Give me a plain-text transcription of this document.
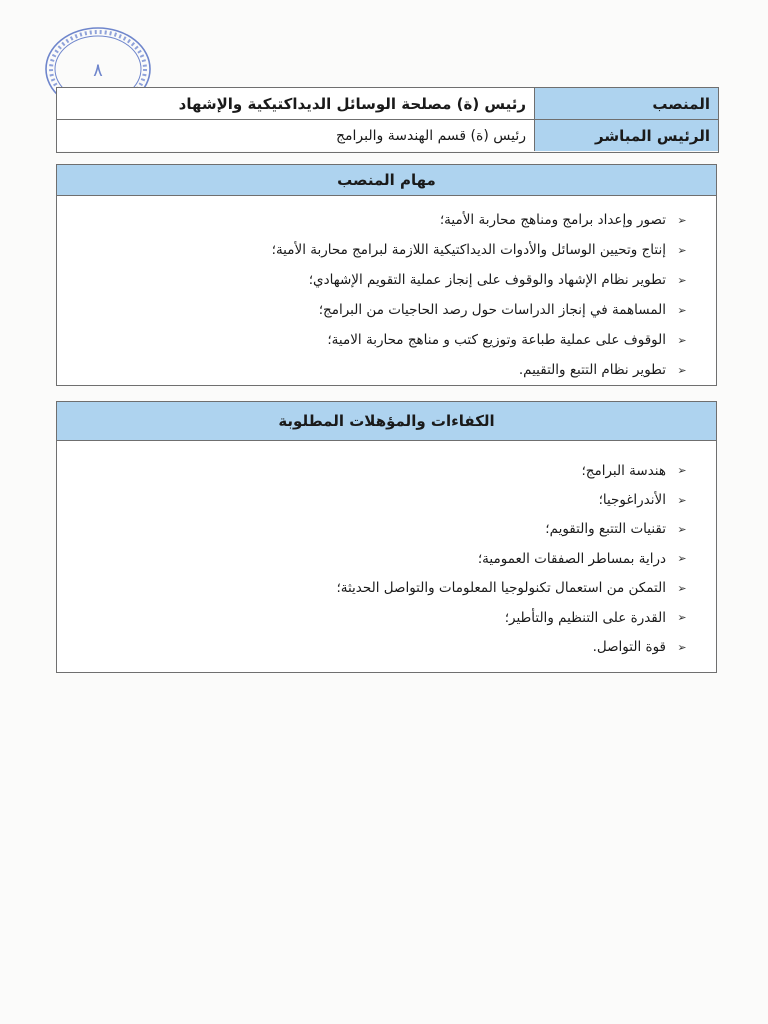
٨
رئيس (ة) مصلحة الوسائل الديداكتيكية والإشهاد	المنصب
رئيس (ة) قسم الهندسة والبرامج	الرئيس المباشر
مهام المنصب
➢
تصور وإعداد برامج ومناهج محاربة الأمية؛
➢
إنتاج وتحيين الوسائل والأدوات الديداكتيكية اللازمة لبرامج محاربة الأمية؛
➢
تطوير نظام الإشهاد والوقوف على إنجاز عملية التقويم الإشهادي؛
➢
المساهمة في إنجاز الدراسات حول رصد الحاجيات من البرامج؛
➢
الوقوف على عملية طباعة وتوزيع كتب و مناهج محاربة الامية؛
➢
تطوير نظام التتبع والتقييم.
الكفاءات والمؤهلات المطلوبة
➢
هندسة البرامج؛
➢
الأندراغوجيا؛
➢
تقنيات التتبع والتقويم؛
➢
دراية بمساطر الصفقات العمومية؛
➢
التمكن من استعمال تكنولوجيا المعلومات والتواصل الحديثة؛
➢
القدرة على التنظيم والتأطير؛
➢
قوة التواصل.
